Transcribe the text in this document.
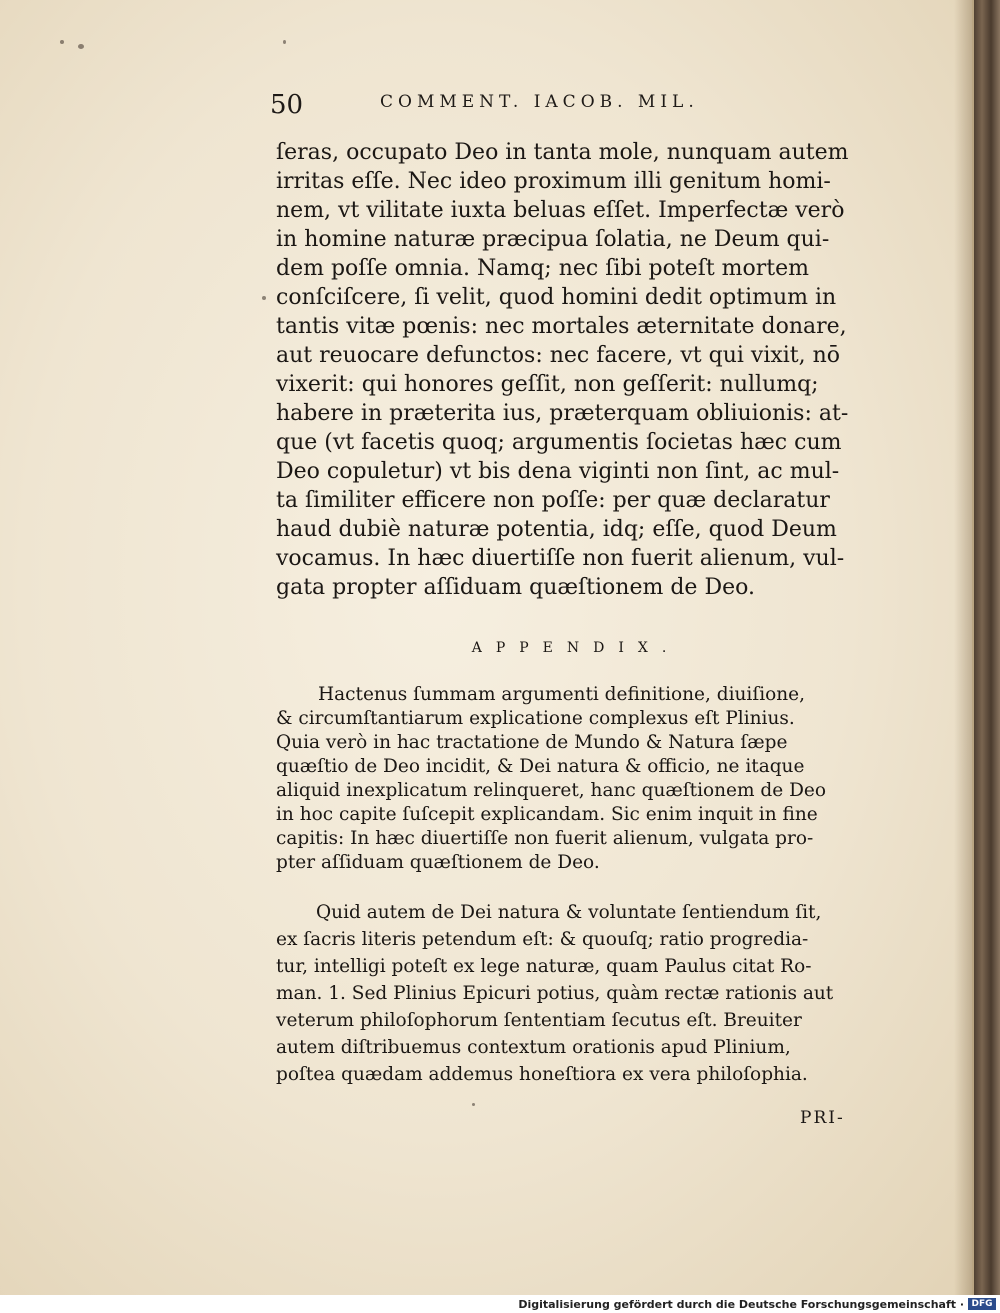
50	COMMENT. IACOB. MIL.
ſeras, occupato Deo in tanta mole, nunquam autem
irritas eſſe. Nec ideo proximum illi genitum homi-
nem, vt vilitate iuxta beluas eſſet. Imperfectæ verò
in homine naturæ præcipua ſolatia, ne Deum qui-
dem poſſe omnia. Namq; nec ſibi poteſt mortem
conſciſcere, ſi velit, quod homini dedit optimum in
tantis vitæ pœnis: nec mortales æternitate donare,
aut reuocare defunctos: nec facere, vt qui vixit, nō
vixerit: qui honores geſſit, non geſſerit: nullumq;
habere in præterita ius, præterquam obliuionis: at-
que (vt facetis quoq; argumentis ſocietas hæc cum
Deo copuletur) vt bis dena viginti non ſint, ac mul-
ta ſimiliter efficere non poſſe: per quæ declaratur
haud dubiè naturæ potentia, idq; eſſe, quod Deum
vocamus. In hæc diuertiſſe non fuerit alienum, vul-
gata propter aſſiduam quæſtionem de Deo.
APPENDIX.
Hactenus ſummam argumenti definitione, diuiſione,
& circumſtantiarum explicatione complexus eſt Plinius.
Quia verò in hac tractatione de Mundo & Natura ſæpe
quæſtio de Deo incidit, & Dei natura & officio, ne itaque
aliquid inexplicatum relinqueret, hanc quæſtionem de Deo
in hoc capite ſuſcepit explicandam. Sic enim inquit in fine
capitis: In hæc diuertiſſe non fuerit alienum, vulgata pro-
pter aſſiduam quæſtionem de Deo.
Quid autem de Dei natura & voluntate ſentiendum ſit,
ex ſacris literis petendum eſt: & quouſq; ratio progredia-
tur, intelligi poteſt ex lege naturæ, quam Paulus citat Ro-
man. 1. Sed Plinius Epicuri potius, quàm rectæ rationis aut
veterum philoſophorum ſententiam ſecutus eſt. Breuiter
autem diſtribuemus contextum orationis apud Plinium,
poſtea quædam addemus honeſtiora ex vera philoſophia.
PRI-
Digitalisierung gefördert durch die Deutsche Forschungsgemeinschaft · DFG
